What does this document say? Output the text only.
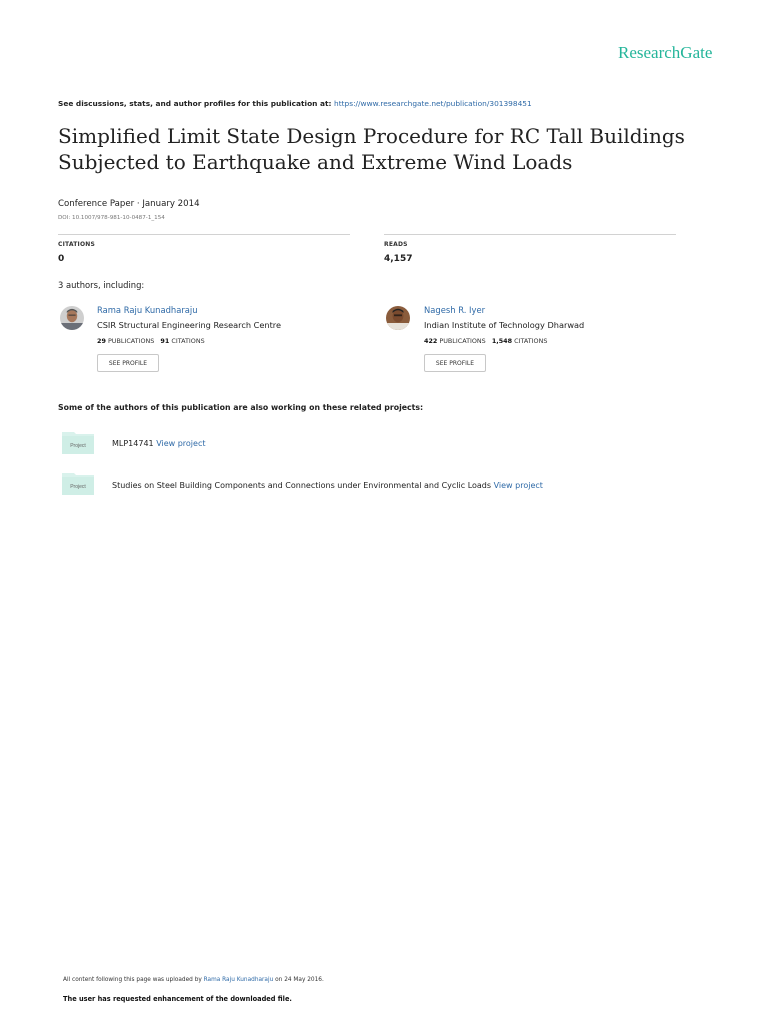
ResearchGate
See discussions, stats, and author profiles for this publication at: https://www.researchgate.net/publication/301398451
Simplified Limit State Design Procedure for RC Tall Buildings
Subjected to Earthquake and Extreme Wind Loads
Conference Paper · January 2014
DOI: 10.1007/978-981-10-0487-1_154
CITATIONS
0
READS
4,157
3 authors, including:
Rama Raju Kunadharaju
CSIR Structural Engineering Research Centre
29 PUBLICATIONS 91 CITATIONS
SEE PROFILE
Nagesh R. Iyer
Indian Institute of Technology Dharwad
422 PUBLICATIONS 1,548 CITATIONS
SEE PROFILE
Some of the authors of this publication are also working on these related projects:
Project	MLP14741 View project
Project	Studies on Steel Building Components and Connections under Environmental and Cyclic Loads View project
All content following this page was uploaded by Rama Raju Kunadharaju on 24 May 2016.
The user has requested enhancement of the downloaded file.
